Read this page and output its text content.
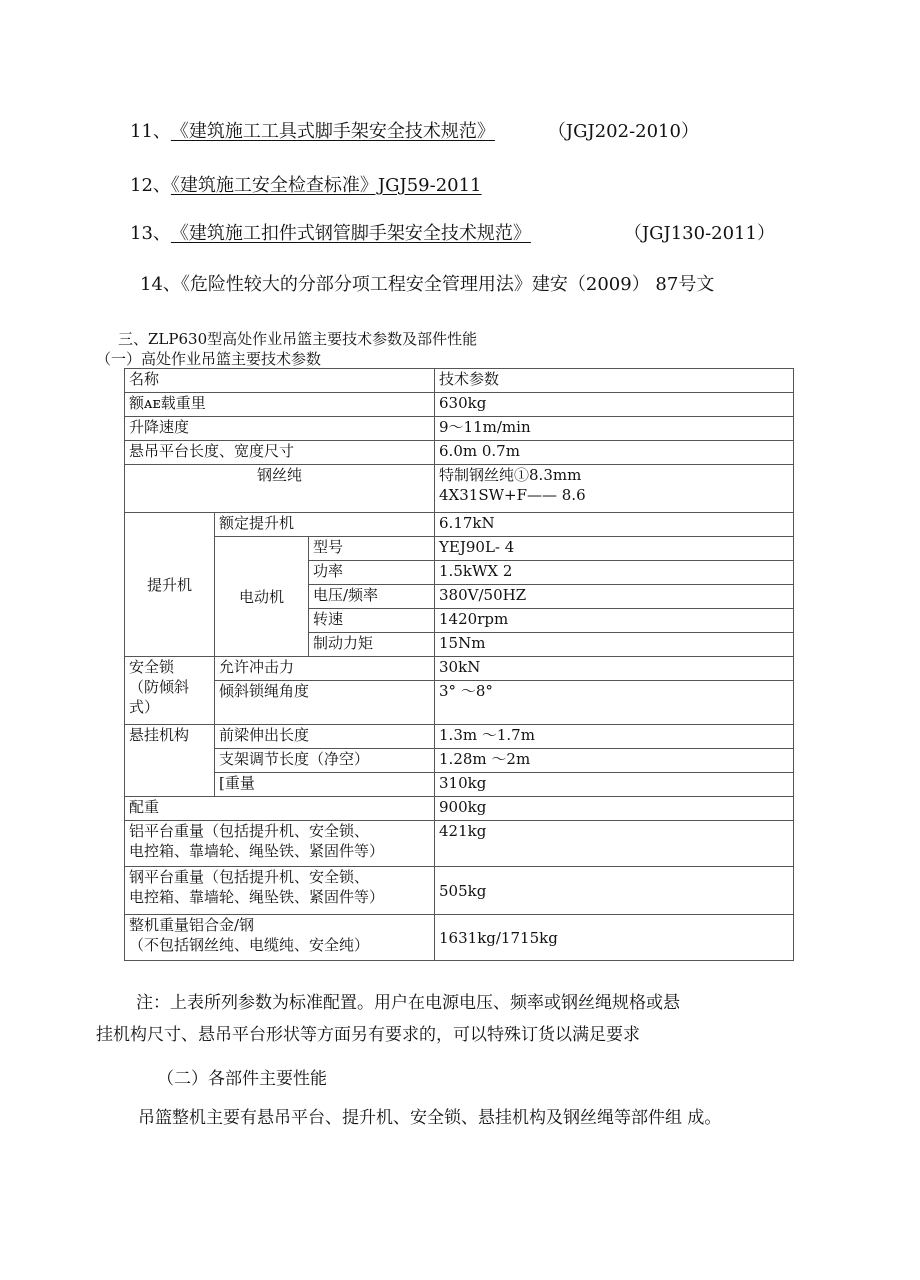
11、《建筑施工工具式脚手架安全技术规范》	（JGJ202-2010）
12、《建筑施工安全检查标准》JGJ59-2011
13、《建筑施工扣件式钢管脚手架安全技术规范》	（JGJ130-2011）
14、《危险性较大的分部分项工程安全管理用法》建安（2009） 87号文
三、ZLP630型高处作业吊篮主要技术参数及部件性能
（一）高处作业吊篮主要技术参数
名称			技术参数
额ᴀᴇ载重里			630kg
升降速度			9〜11m/min
悬吊平台长度、宽度尺寸			6.0m 0.7m
钢丝纯			特制钢丝纯①8.3mm
4X31SW+F—— 8.6

提升机	额定提升机		6.17kN
	电动机	型号	YEJ90L- 4
		功率	1.5kWX 2
		电压/频率	380V/50HZ
		转速	1420rpm
		制动力矩	15Nm
安全锁
（防倾斜
式）	允许冲击力		30kN
	倾斜锁绳角度		3° 〜8°
悬挂机构	前梁伸出长度		1.3m 〜1.7m
	支架调节长度（净空）		1.28m 〜2m
	[重量		310kg
配重			900kg
铝平台重量（包括提升机、安全锁、
电控箱、靠墙轮、绳坠铁、紧固件等）			421kg
钢平台重量（包括提升机、安全锁、
电控箱、靠墙轮、绳坠铁、紧固件等）			505kg
整机重量铝合金/钢
（不包括钢丝纯、电缆纯、安全纯）			1631kg/1715kg
注：上表所列参数为标准配置。用户在电源电压、频率或钢丝绳规格或悬
挂机构尺寸、悬吊平台形状等方面另有要求的，可以特殊订货以满足要求
（二）各部件主要性能
吊篮整机主要有悬吊平台、提升机、安全锁、悬挂机构及钢丝绳等部件组 成。
